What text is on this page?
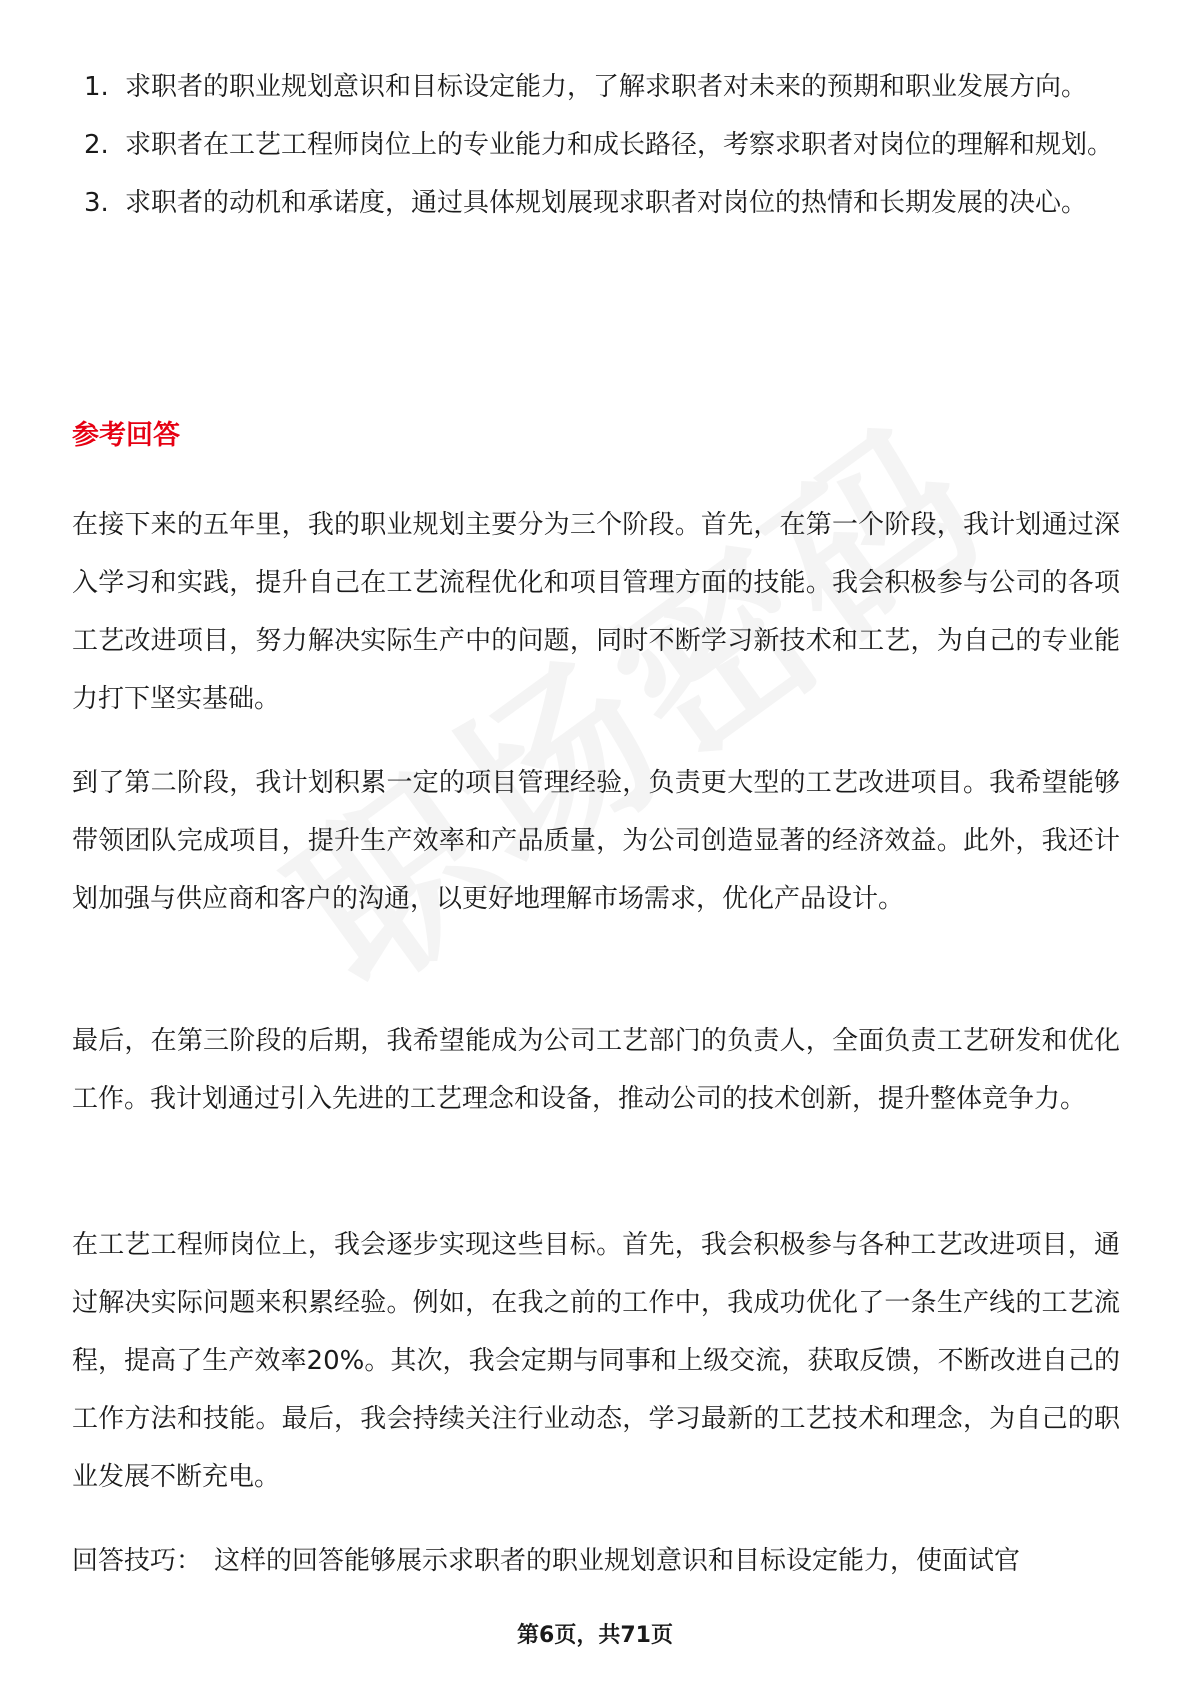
1. 求职者的职业规划意识和目标设定能力，了解求职者对未来的预期和职业发展方向。
2. 求职者在工艺工程师岗位上的专业能力和成长路径，考察求职者对岗位的理解和规划。
3. 求职者的动机和承诺度，通过具体规划展现求职者对岗位的热情和长期发展的决心。
参考回答

在接下来的五年里，我的职业规划主要分为三个阶段。首先，在第一个阶段，我计划通过深入学习和实践，提升自己在工艺流程优化和项目管理方面的技能。我会积极参与公司的各项工艺改进项目，努力解决实际生产中的问题，同时不断学习新技术和工艺，为自己的专业能力打下坚实基础。

到了第二阶段，我计划积累一定的项目管理经验，负责更大型的工艺改进项目。我希望能够带领团队完成项目，提升生产效率和产品质量，为公司创造显著的经济效益。此外，我还计划加强与供应商和客户的沟通，以更好地理解市场需求，优化产品设计。

最后，在第三阶段的后期，我希望能成为公司工艺部门的负责人，全面负责工艺研发和优化工作。我计划通过引入先进的工艺理念和设备，推动公司的技术创新，提升整体竞争力。

在工艺工程师岗位上，我会逐步实现这些目标。首先，我会积极参与各种工艺改进项目，通过解决实际问题来积累经验。例如，在我之前的工作中，我成功优化了一条生产线的工艺流程，提高了生产效率20%。其次，我会定期与同事和上级交流，获取反馈，不断改进自己的工作方法和技能。最后，我会持续关注行业动态，学习最新的工艺技术和理念，为自己的职业发展不断充电。

回答技巧： 这样的回答能够展示求职者的职业规划意识和目标设定能力，使面试官
第6页，共71页
